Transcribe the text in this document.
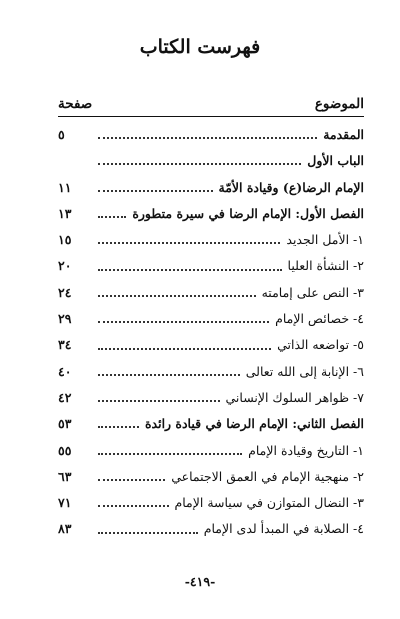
فهرست الكتاب
الموضوع
صفحة
المقدمة
٥
الباب الأول
الإمام الرضا(ع) وقيادة الأمّة
١١
الفصل الأول: الإمام الرضا في سيرة متطورة
١٣
١- الأمل الجديد
١٥
٢- النشأة العليا
٢٠
٣- النص على إمامته
٢٤
٤- خصائص الإمام
٢٩
٥- تواضعه الذاتي
٣٤
٦- الإنابة إلى الله تعالى
٤٠
٧- ظواهر السلوك الإنساني
٤٢
الفصل الثاني: الإمام الرضا في قيادة رائدة
٥٣
١- التاريخ وقيادة الإمام
٥٥
٢- منهجية الإمام في العمق الاجتماعي
٦٣
٣- النضال المتوازن في سياسة الإمام
٧١
٤- الصلابة في المبدأ لدى الإمام
٨٣
-٤١٩-
